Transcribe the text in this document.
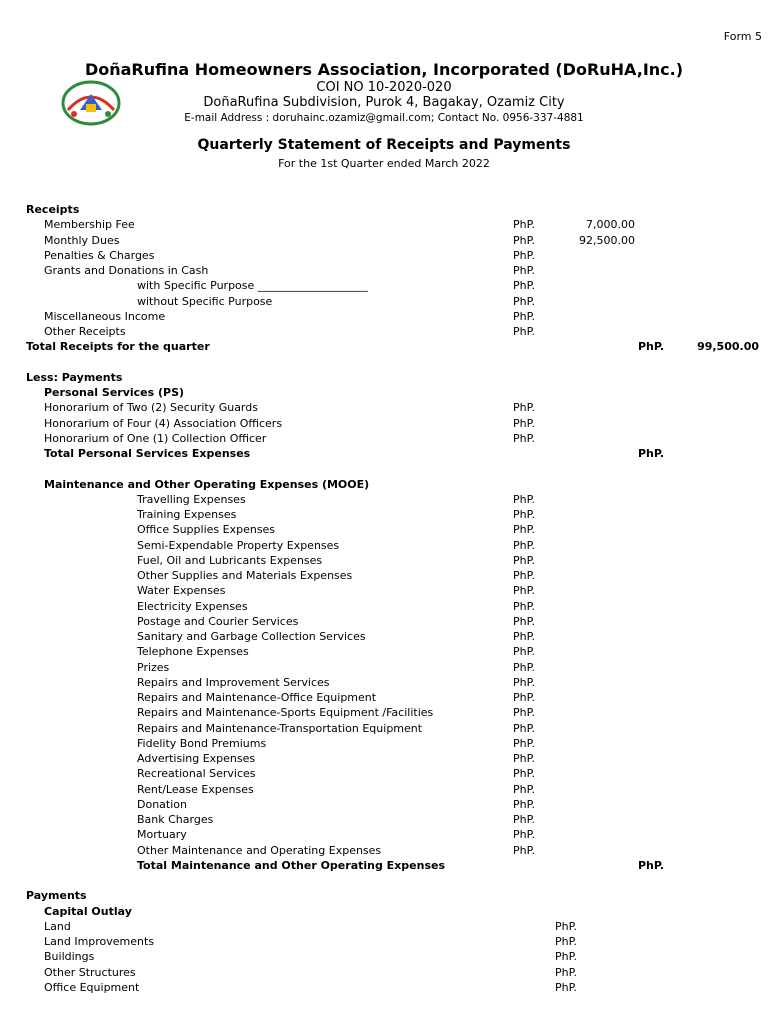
Form 5
DoñaRufina Homeowners Association, Incorporated (DoRuHA,Inc.)
COI NO 10-2020-020
DoñaRufina Subdivision, Purok 4, Bagakay, Ozamiz City
E-mail Address : doruhainc.ozamiz@gmail.com; Contact No. 0956-337-4881
Quarterly Statement of Receipts and Payments
For the 1st Quarter ended March 2022
Receipts
Membership Fee	PhP.	7,000.00
Monthly Dues	PhP.	92,500.00
Penalties & Charges	PhP.
Grants and Donations in Cash	PhP.
with Specific Purpose ____________________	PhP.
without Specific Purpose	PhP.
Miscellaneous Income	PhP.
Other Receipts	PhP.
Total Receipts for the quarter	PhP.	99,500.00
Less: Payments
Personal Services (PS)
Honorarium of Two (2) Security Guards	PhP.
Honorarium of Four (4) Association Officers	PhP.
Honorarium of One (1) Collection Officer	PhP.
Total Personal Services Expenses	PhP.
Maintenance and Other Operating Expenses (MOOE)
Travelling Expenses	PhP.
Training Expenses	PhP.
Office Supplies Expenses	PhP.
Semi-Expendable Property Expenses	PhP.
Fuel, Oil and Lubricants Expenses	PhP.
Other Supplies and Materials Expenses	PhP.
Water Expenses	PhP.
Electricity Expenses	PhP.
Postage and Courier Services	PhP.
Sanitary and Garbage Collection Services	PhP.
Telephone Expenses	PhP.
Prizes	PhP.
Repairs and Improvement Services	PhP.
Repairs and Maintenance-Office Equipment	PhP.
Repairs and Maintenance-Sports Equipment /Facilities	PhP.
Repairs and Maintenance-Transportation Equipment	PhP.
Fidelity Bond Premiums	PhP.
Advertising Expenses	PhP.
Recreational Services	PhP.
Rent/Lease Expenses	PhP.
Donation	PhP.
Bank Charges	PhP.
Mortuary	PhP.
Other Maintenance and Operating Expenses	PhP.
Total Maintenance and Other Operating Expenses	PhP.
Payments
Capital Outlay
Land	PhP.
Land Improvements	PhP.
Buildings	PhP.
Other Structures	PhP.
Office Equipment	PhP.
